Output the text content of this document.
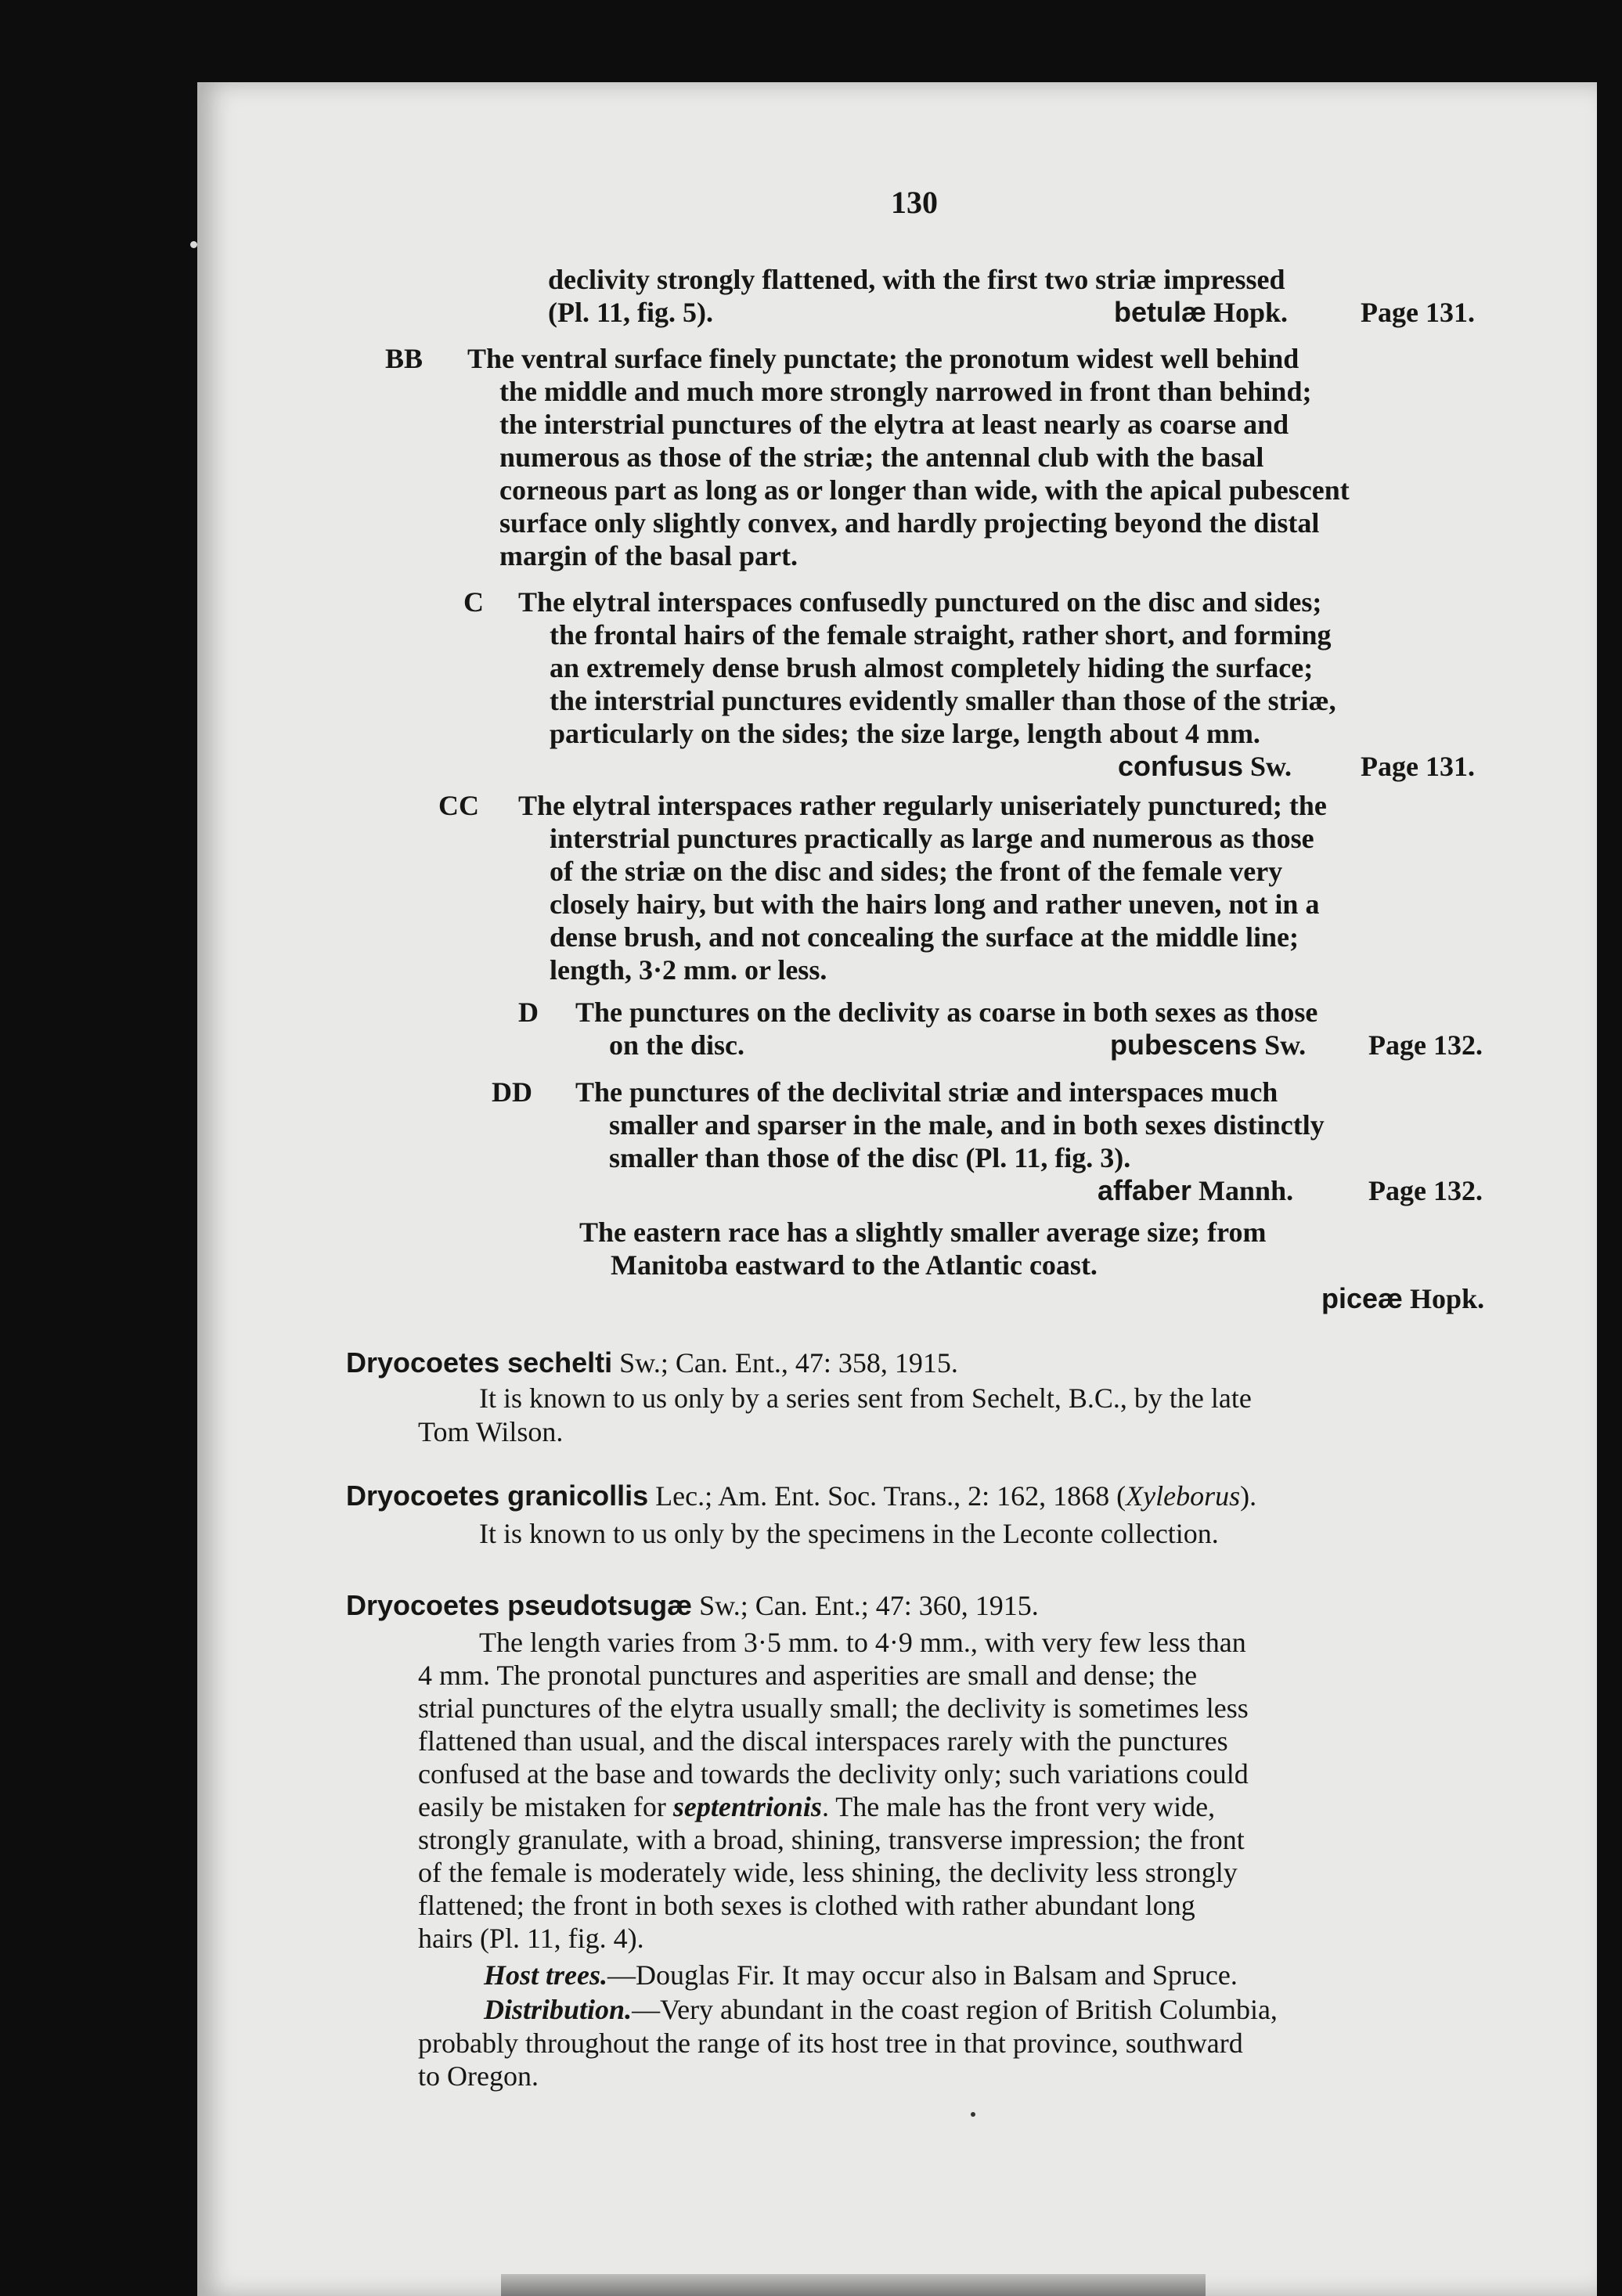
130
declivity strongly flattened, with the first two striæ impressed
(Pl. 11, fig. 5).	betulæ Hopk.	Page 131.
BB The ventral surface finely punctate; the pronotum widest well behind
the middle and much more strongly narrowed in front than behind;
the interstrial punctures of the elytra at least nearly as coarse and
numerous as those of the striæ; the antennal club with the basal
corneous part as long as or longer than wide, with the apical pubescent
surface only slightly convex, and hardly projecting beyond the distal
margin of the basal part.
C The elytral interspaces confusedly punctured on the disc and sides;
the frontal hairs of the female straight, rather short, and forming
an extremely dense brush almost completely hiding the surface;
the interstrial punctures evidently smaller than those of the striæ,
particularly on the sides; the size large, length about 4 mm.
confusus Sw. Page 131.
CC The elytral interspaces rather regularly uniseriately punctured; the
interstrial punctures practically as large and numerous as those
of the striæ on the disc and sides; the front of the female very
closely hairy, but with the hairs long and rather uneven, not in a
dense brush, and not concealing the surface at the middle line;
length, 3·2 mm. or less.
D The punctures on the declivity as coarse in both sexes as those
on the disc.	pubescens Sw. Page 132.
DD The punctures of the declivital striæ and interspaces much
smaller and sparser in the male, and in both sexes distinctly
smaller than those of the disc (Pl. 11, fig. 3).
affaber Mannh.	Page 132.
The eastern race has a slightly smaller average size; from
Manitoba eastward to the Atlantic coast.
piceæ Hopk.
Dryocoetes sechelti Sw.; Can. Ent., 47: 358, 1915.
It is known to us only by a series sent from Sechelt, B.C., by the late
Tom Wilson.
Dryocoetes granicollis Lec.; Am. Ent. Soc. Trans., 2: 162, 1868 (Xyleborus).
It is known to us only by the specimens in the Leconte collection.
Dryocoetes pseudotsugæ Sw.; Can. Ent.; 47: 360, 1915.
The length varies from 3·5 mm. to 4·9 mm., with very few less than
4 mm. The pronotal punctures and asperities are small and dense; the
strial punctures of the elytra usually small; the declivity is sometimes less
flattened than usual, and the discal interspaces rarely with the punctures
confused at the base and towards the declivity only; such variations could
easily be mistaken for septentrionis. The male has the front very wide,
strongly granulate, with a broad, shining, transverse impression; the front
of the female is moderately wide, less shining, the declivity less strongly
flattened; the front in both sexes is clothed with rather abundant long
hairs (Pl. 11, fig. 4).
Host trees.—Douglas Fir. It may occur also in Balsam and Spruce.
Distribution.—Very abundant in the coast region of British Columbia,
probably throughout the range of its host tree in that province, southward
to Oregon.
